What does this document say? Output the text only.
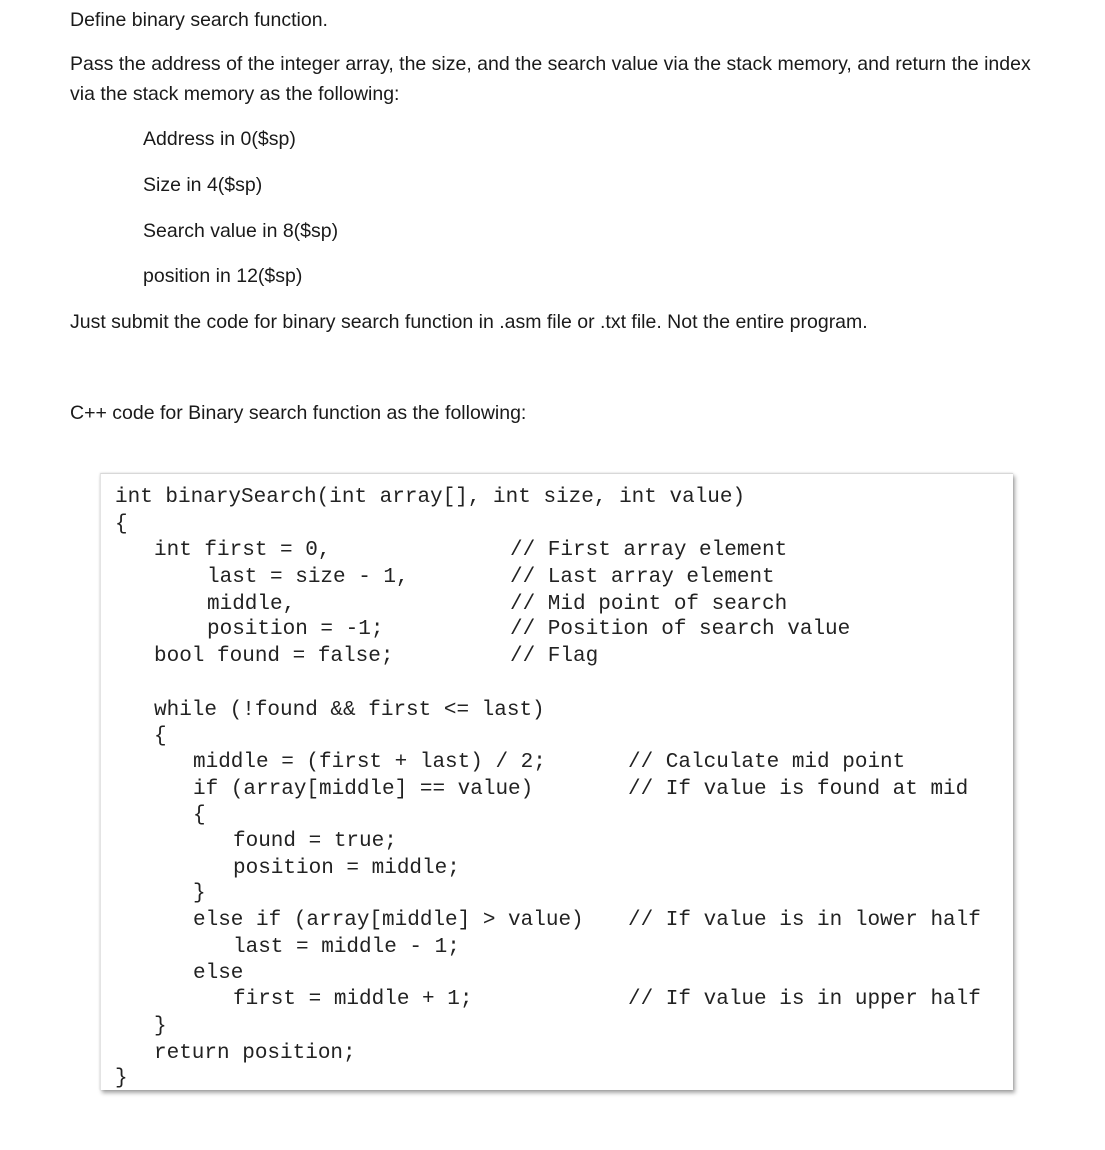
Define binary search function.
Pass the address of the integer array, the size, and the search value via the stack memory, and return the index via the stack memory as the following:
Address in 0($sp)
Size in 4($sp)
Search value in 8($sp)
position in 12($sp)
Just submit the code for binary search function in .asm file or .txt file. Not the entire program.
C++ code for Binary search function as the following:
int binarySearch(int array[], int size, int value)
{
int first = 0,
last = size - 1,
middle,
position = -1;
bool found = false;
// First array element
// Last array element
// Mid point of search
// Position of search value
// Flag
while (!found && first <= last)
{
middle = (first + last) / 2;	// Calculate mid point
if (array[middle] == value)	// If value is found at mid
{
found = true;
position = middle;
}
else if (array[middle] > value) // If value is in lower half
last = middle - 1;
else
first = middle + 1;	// If value is in upper half
}
return position;
}
